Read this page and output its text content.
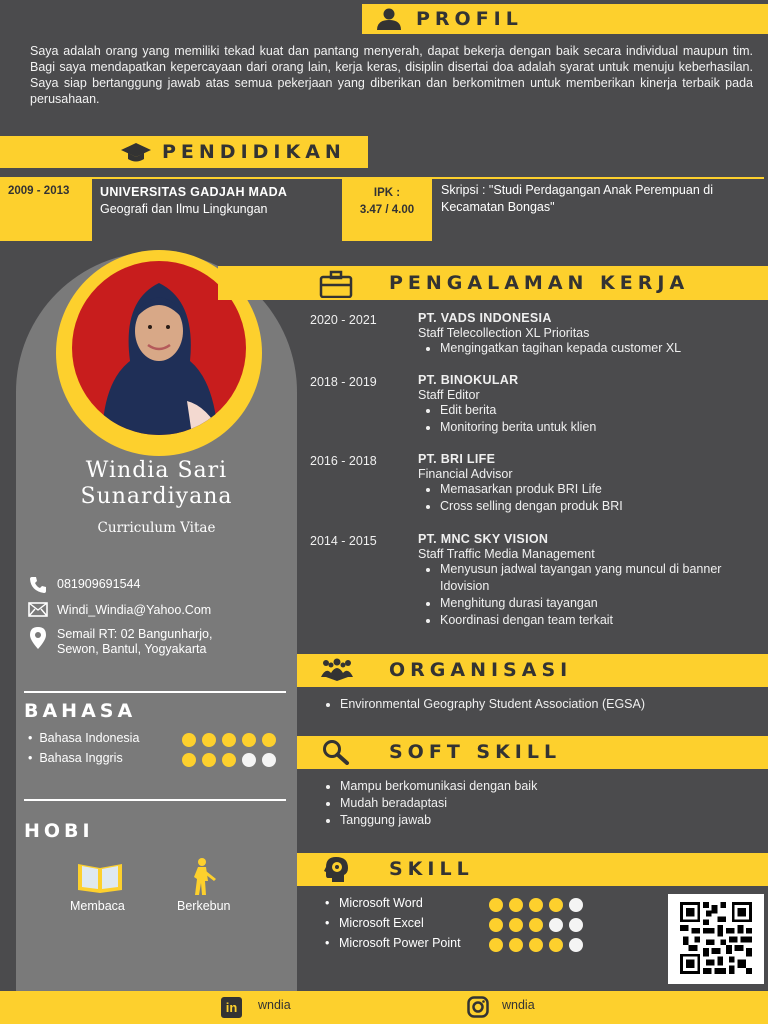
PROFIL
Saya adalah orang yang memiliki tekad kuat dan pantang menyerah, dapat bekerja dengan baik secara individual maupun tim. Bagi saya mendapatkan kepercayaan dari orang lain, kerja keras, disiplin disertai doa adalah syarat untuk menuju keberhasilan. Saya siap bertanggung jawab atas semua pekerjaan yang diberikan dan berkomitmen untuk memberikan kinerja terbaik pada perusahaan.
PENDIDIKAN
2009 - 2013	UNIVERSITAS GADJAH MADA
Geografi dan Ilmu Lingkungan
IPK :
3.47 / 4.00
Skripsi : "Studi Perdagangan Anak Perempuan di Kecamatan Bongas"
Windia Sari
Sunardiyana
Curriculum Vitae
081909691544
Windi_Windia@Yahoo.Com
Semail RT: 02 Bangunharjo,
Sewon, Bantul, Yogyakarta
BAHASA
•  Bahasa Indonesia
•  Bahasa Inggris
HOBI
Membaca	Berkebun
PENGALAMAN KERJA
2020 - 2021	PT. VADS INDONESIA
Staff Telecollection XL Prioritas
• Mengingatkan tagihan kepada customer XL
2018 - 2019	PT. BINOKULAR
Staff Editor
• Edit berita
• Monitoring berita untuk klien
2016 - 2018	PT. BRI LIFE
Financial Advisor
• Memasarkan produk BRI Life
• Cross selling dengan produk BRI
2014 - 2015	PT. MNC SKY VISION
Staff Traffic Media Management
• Menyusun jadwal tayangan yang muncul di banner Idovision
• Menghitung durasi tayangan
• Koordinasi dengan team terkait
ORGANISASI
• Environmental Geography Student Association (EGSA)
SOFT SKILL
• Mampu berkomunikasi dengan baik
• Mudah beradaptasi
• Tanggung jawab
SKILL
• Microsoft Word
• Microsoft Excel
• Microsoft Power Point
in	wndia	wndia
